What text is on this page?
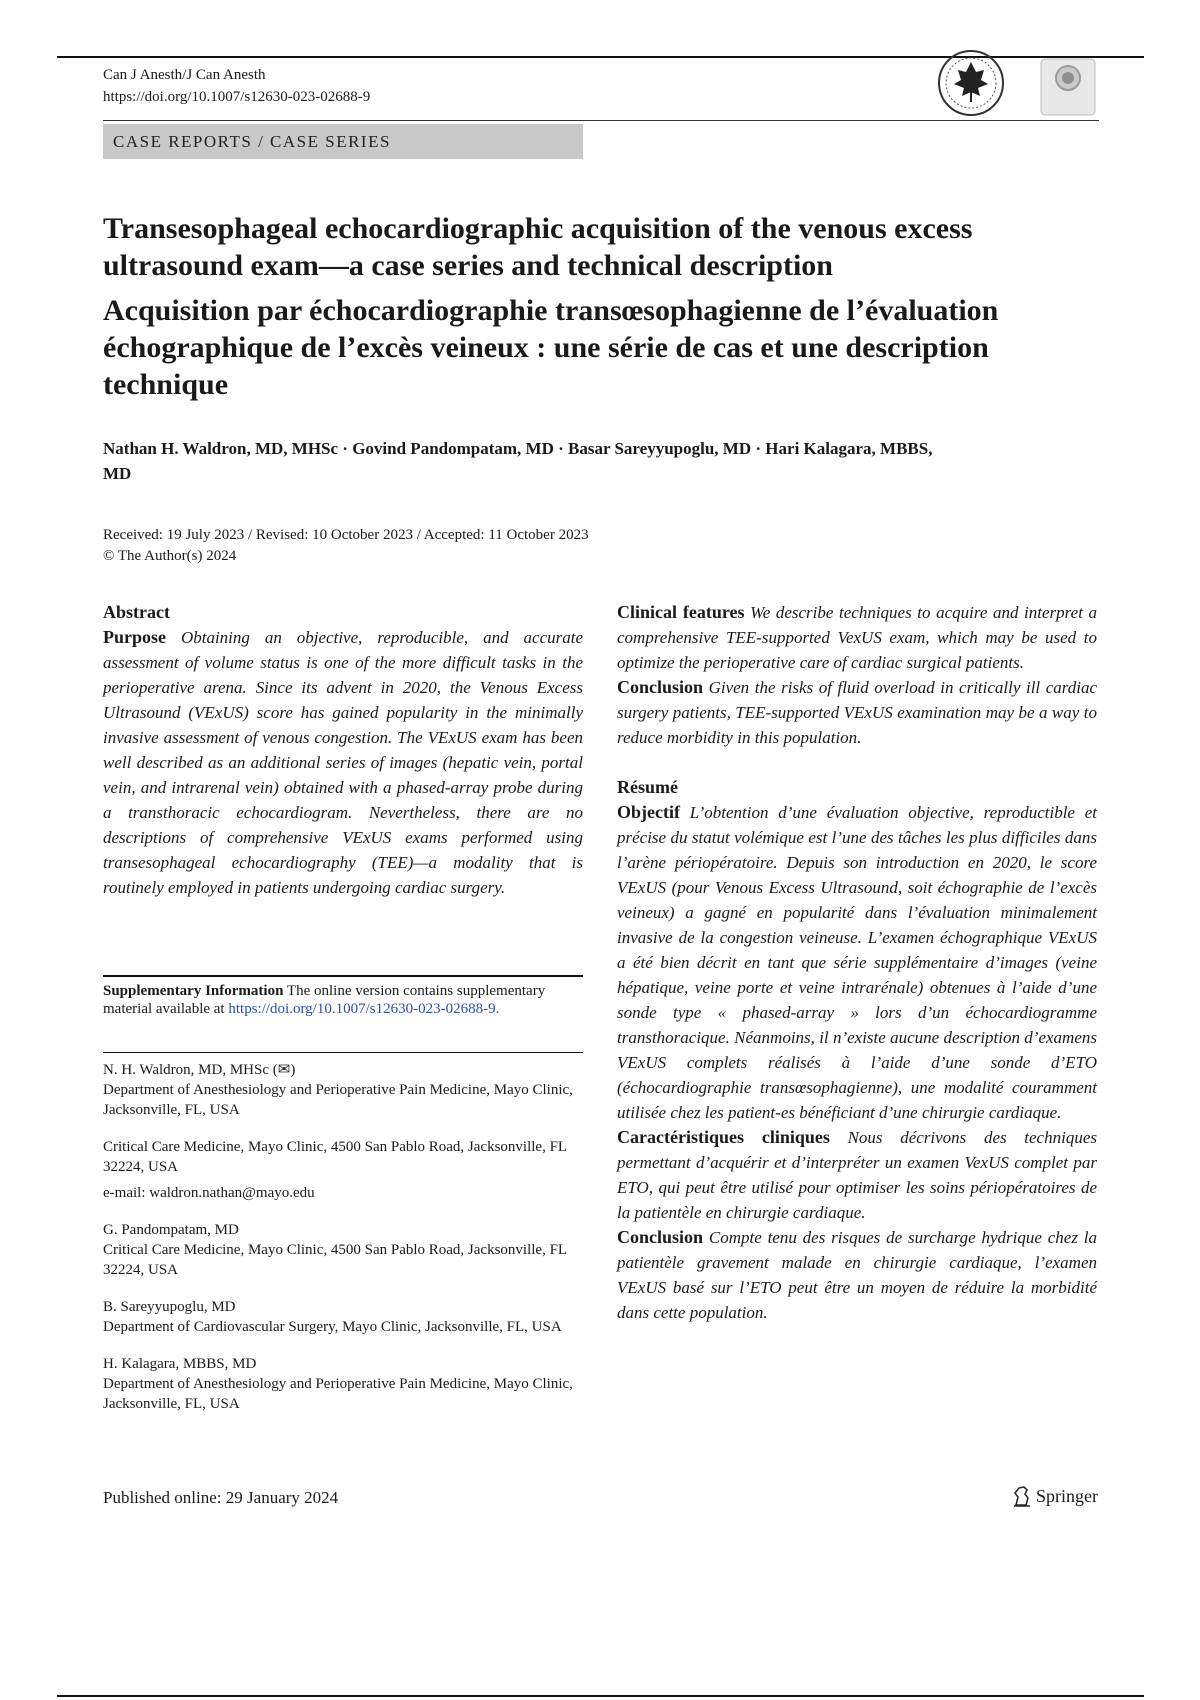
Can J Anesth/J Can Anesth
https://doi.org/10.1007/s12630-023-02688-9
CASE REPORTS / CASE SERIES
Transesophageal echocardiographic acquisition of the venous excess ultrasound exam—a case series and technical description
Acquisition par échocardiographie transœsophagienne de l’évaluation échographique de l’excès veineux : une série de cas et une description technique
Nathan H. Waldron, MD, MHSc · Govind Pandompatam, MD · Basar Sareyyupoglu, MD · Hari Kalagara, MBBS, MD
Received: 19 July 2023 / Revised: 10 October 2023 / Accepted: 11 October 2023
© The Author(s) 2024
Abstract

Purpose Obtaining an objective, reproducible, and accurate assessment of volume status is one of the more difficult tasks in the perioperative arena. Since its advent in 2020, the Venous Excess Ultrasound (VExUS) score has gained popularity in the minimally invasive assessment of venous congestion. The VExUS exam has been well described as an additional series of images (hepatic vein, portal vein, and intrarenal vein) obtained with a phased-array probe during a transthoracic echocardiogram. Nevertheless, there are no descriptions of comprehensive VExUS exams performed using transesophageal echocardiography (TEE)—a modality that is routinely employed in patients undergoing cardiac surgery.

Supplementary Information The online version contains supplementary material available at https://doi.org/10.1007/s12630-023-02688-9.
N. H. Waldron, MD, MHSc (✉)
Department of Anesthesiology and Perioperative Pain Medicine, Mayo Clinic, Jacksonville, FL, USA
Critical Care Medicine, Mayo Clinic, 4500 San Pablo Road, Jacksonville, FL 32224, USA
e-mail: waldron.nathan@mayo.edu
G. Pandompatam, MD
Critical Care Medicine, Mayo Clinic, 4500 San Pablo Road, Jacksonville, FL 32224, USA
B. Sareyyupoglu, MD
Department of Cardiovascular Surgery, Mayo Clinic, Jacksonville, FL, USA
H. Kalagara, MBBS, MD
Department of Anesthesiology and Perioperative Pain Medicine, Mayo Clinic, Jacksonville, FL, USA

Clinical features We describe techniques to acquire and interpret a comprehensive TEE-supported VexUS exam, which may be used to optimize the perioperative care of cardiac surgical patients.

Conclusion Given the risks of fluid overload in critically ill cardiac surgery patients, TEE-supported VExUS examination may be a way to reduce morbidity in this population.

Résumé

Objectif L’obtention d’une évaluation objective, reproductible et précise du statut volémique est l’une des tâches les plus difficiles dans l’arène périopératoire. Depuis son introduction en 2020, le score VExUS (pour Venous Excess Ultrasound, soit échographie de l’excès veineux) a gagné en popularité dans l’évaluation minimalement invasive de la congestion veineuse. L’examen échographique VExUS a été bien décrit en tant que série supplémentaire d’images (veine hépatique, veine porte et veine intrarénale) obtenues à l’aide d’une sonde type « phased-array » lors d’un échocardiogramme transthoracique. Néanmoins, il n’existe aucune description d’examens VExUS complets réalisés à l’aide d’une sonde d’ETO (échocardiographie transœsophagienne), une modalité couramment utilisée chez les patient-es bénéficiant d’une chirurgie cardiaque.

Caractéristiques cliniques Nous décrivons des techniques permettant d’acquérir et d’interpréter un examen VexUS complet par ETO, qui peut être utilisé pour optimiser les soins périopératoires de la patientèle en chirurgie cardiaque.

Conclusion Compte tenu des risques de surcharge hydrique chez la patientèle gravement malade en chirurgie cardiaque, l’examen VExUS basé sur l’ETO peut être un moyen de réduire la morbidité dans cette population.

Published online: 29 January 2024	Springer
